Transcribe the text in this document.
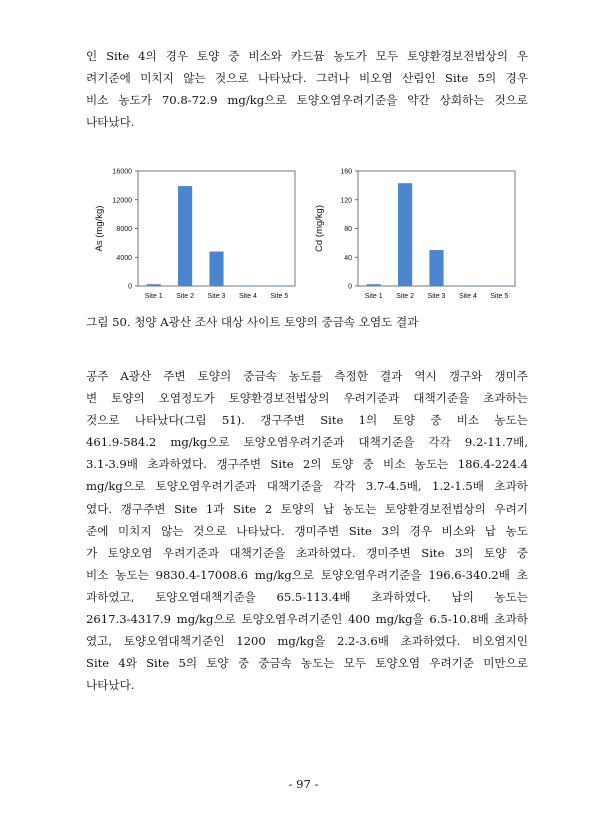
인 Site 4의 경우 토양 중 비소와 카드뮴 농도가 모두 토양환경보전법상의 우
려기준에 미치지 않는 것으로 나타났다. 그러나 비오염 산림인 Site 5의 경우
비소 농도가 70.8-72.9 mg/kg으로 토양오염우려기준을 약간 상회하는 것으로
나타났다.
0
4000
8000
12000
16000
Site 1 Site 2 Site 3 Site 4 Site 5
As (mg/kg)
0
40
80
120
160
Site 1 Site 2 Site 3 Site 4 Site 5
Cd (mg/kg)
그림 50. 청양 A광산 조사 대상 사이트 토양의 중금속 오염도 결과
공주 A광산 주변 토양의 중금속 농도를 측정한 결과 역시 갱구와 갱미주
변 토양의 오염정도가 토양환경보전법상의 우려기준과 대책기준을 초과하는
것으로 나타났다(그림 51). 갱구주변 Site 1의 토양 중 비소 농도는
461.9-584.2 mg/kg으로 토양오염우려기준과 대책기준을 각각 9.2-11.7배,
3.1-3.9배 초과하였다. 갱구주변 Site 2의 토양 중 비소 농도는 186.4-224.4
mg/kg으로 토양오염우려기준과 대책기준을 각각 3.7-4.5배, 1.2-1.5배 초과하
였다. 갱구주변 Site 1과 Site 2 토양의 납 농도는 토양환경보전법상의 우려기
준에 미치지 않는 것으로 나타났다. 갱미주변 Site 3의 경우 비소와 납 농도
가 토양오염 우려기준과 대책기준을 초과하였다. 갱미주변 Site 3의 토양 중
비소 농도는 9830.4-17008.6 mg/kg으로 토양오염우려기준을 196.6-340.2배 초
과하였고, 토양오염대책기준을 65.5-113.4배 초과하였다. 납의 농도는
2617.3-4317.9 mg/kg으로 토양오염우려기준인 400 mg/kg을 6.5-10.8배 초과하
였고, 토양오염대책기준인 1200 mg/kg을 2.2-3.6배 초과하였다. 비오염지인
Site 4와 Site 5의 토양 중 중금속 농도는 모두 토양오염 우려기준 미만으로
나타났다.
- 97 -
